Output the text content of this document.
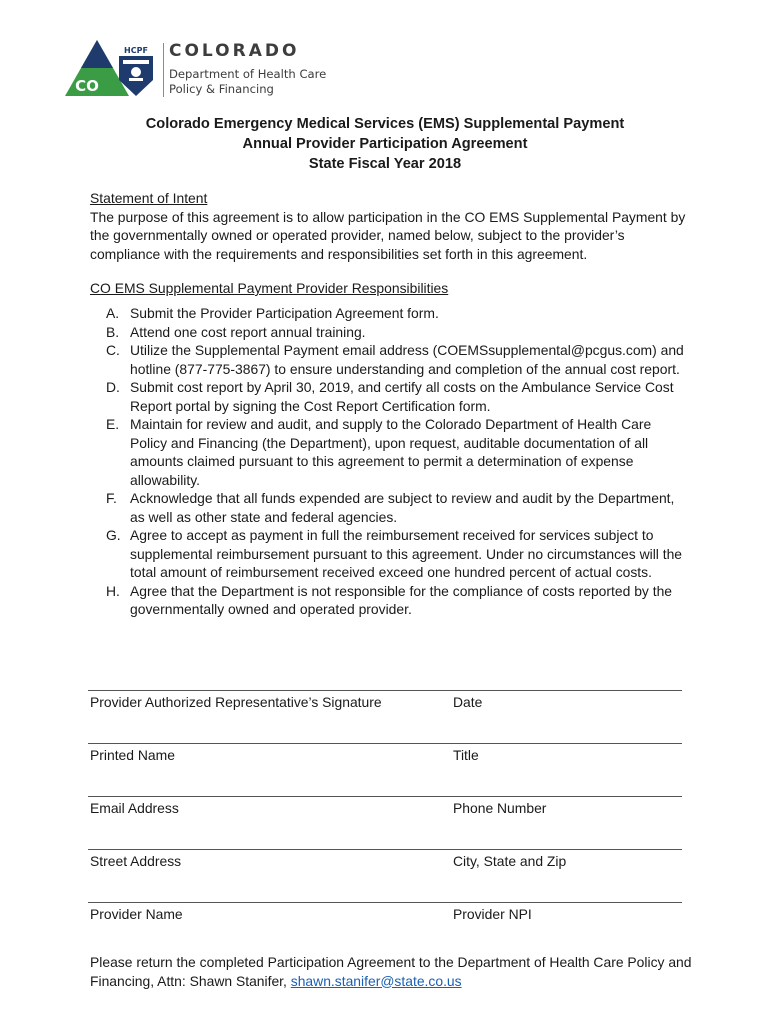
HCPF
CO
COLORADO
Department of Health Care
Policy & Financing
Colorado Emergency Medical Services (EMS) Supplemental Payment
Annual Provider Participation Agreement
State Fiscal Year 2018
Statement of Intent
The purpose of this agreement is to allow participation in the CO EMS Supplemental Payment by the governmentally owned or operated provider, named below, subject to the provider’s compliance with the requirements and responsibilities set forth in this agreement.
CO EMS Supplemental Payment Provider Responsibilities
A. Submit the Provider Participation Agreement form.
B. Attend one cost report annual training.
C. Utilize the Supplemental Payment email address (COEMSsupplemental@pcgus.com) and hotline (877-775-3867) to ensure understanding and completion of the annual cost report.
D. Submit cost report by April 30, 2019, and certify all costs on the Ambulance Service Cost Report portal by signing the Cost Report Certification form.
E. Maintain for review and audit, and supply to the Colorado Department of Health Care Policy and Financing (the Department), upon request, auditable documentation of all amounts claimed pursuant to this agreement to permit a determination of expense allowability.
F. Acknowledge that all funds expended are subject to review and audit by the Department, as well as other state and federal agencies.
G. Agree to accept as payment in full the reimbursement received for services subject to supplemental reimbursement pursuant to this agreement. Under no circumstances will the total amount of reimbursement received exceed one hundred percent of actual costs.
H. Agree that the Department is not responsible for the compliance of costs reported by the governmentally owned and operated provider.
Provider Authorized Representative’s Signature	Date
Printed Name	Title
Email Address	Phone Number
Street Address	City, State and Zip
Provider Name	Provider NPI
Please return the completed Participation Agreement to the Department of Health Care Policy and Financing, Attn: Shawn Stanifer, shawn.stanifer@state.co.us
